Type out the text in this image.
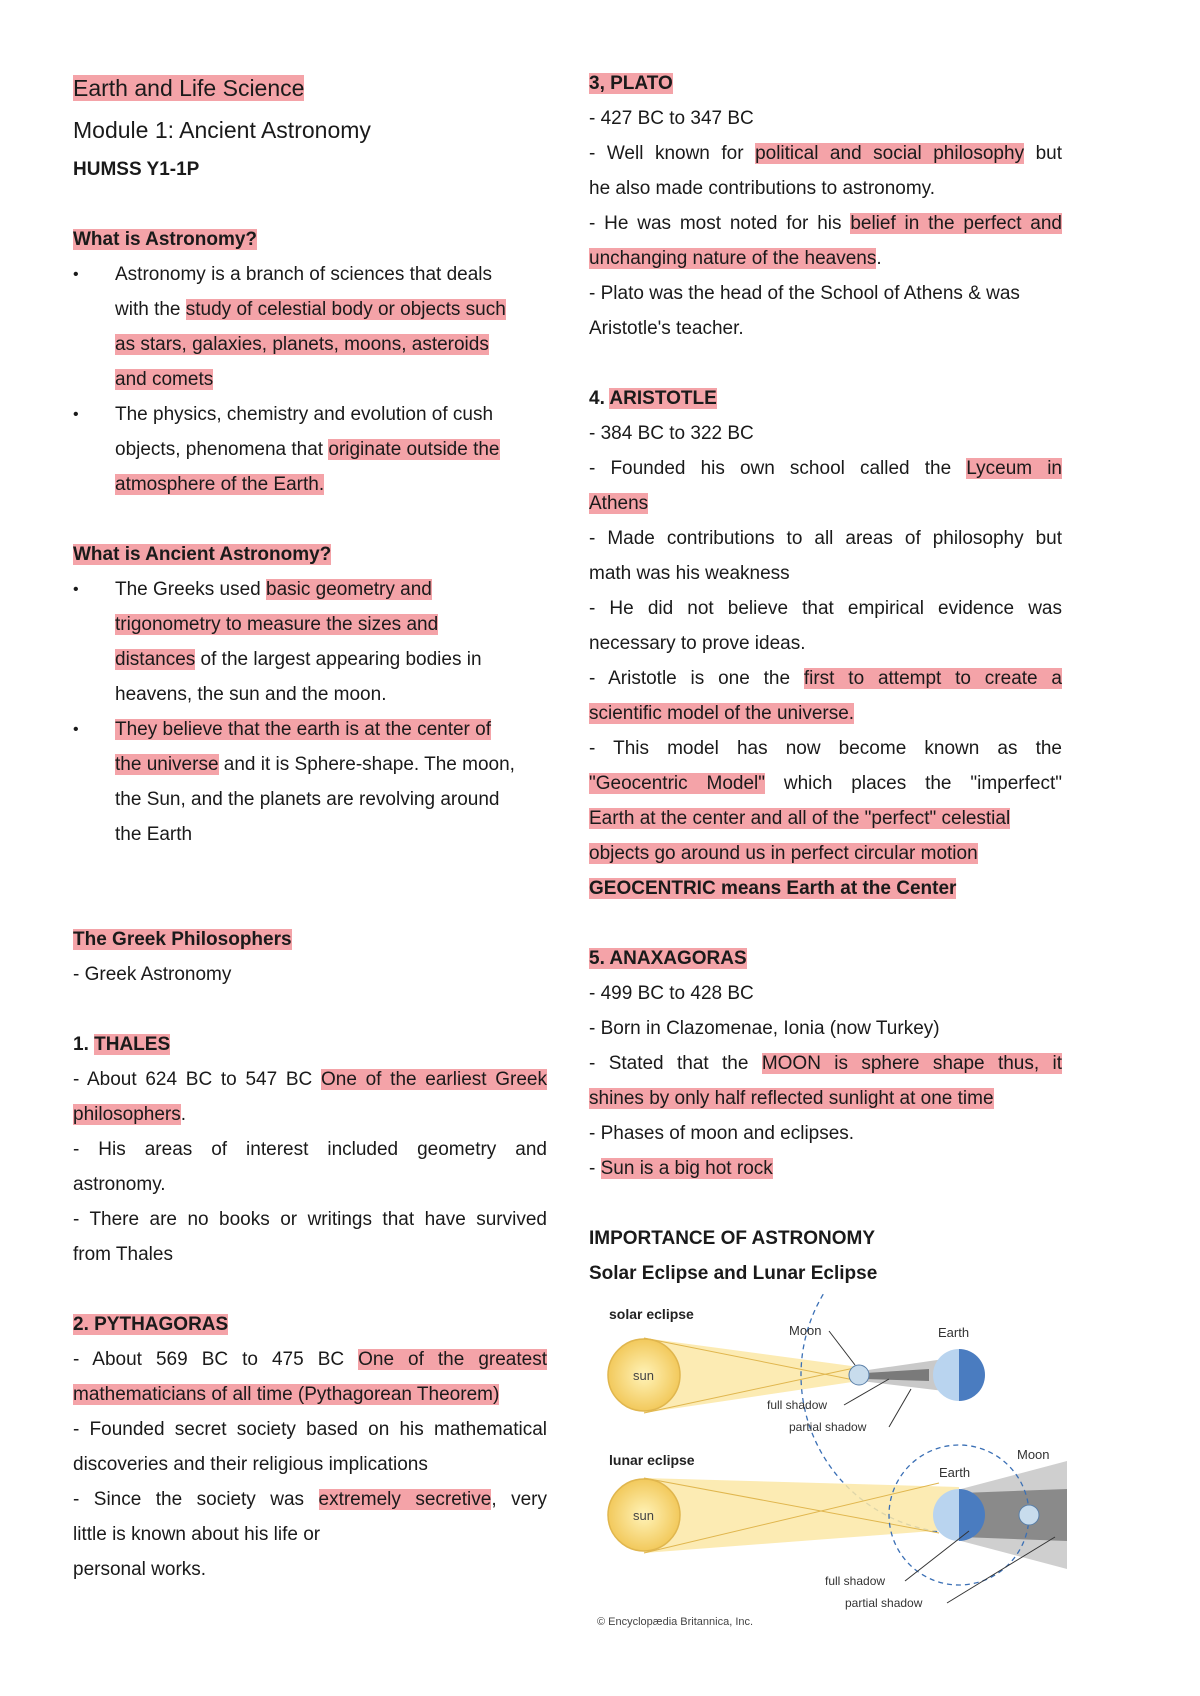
Earth and Life Science
Module 1: Ancient Astronomy
HUMSS Y1-1P
What is Astronomy?
• Astronomy is a branch of sciences that deals
with the study of celestial body or objects such
as stars, galaxies, planets, moons, asteroids
and comets
• The physics, chemistry and evolution of cush
objects, phenomena that originate outside the
atmosphere of the Earth.
What is Ancient Astronomy?
• The Greeks used basic geometry and
trigonometry to measure the sizes and
distances of the largest appearing bodies in
heavens, the sun and the moon.
• They believe that the earth is at the center of
the universe and it is Sphere-shape. The moon,
the Sun, and the planets are revolving around
the Earth
The Greek Philosophers
- Greek Astronomy
1. THALES
- About 624 BC to 547 BC One of the earliest Greek
philosophers.
- His areas of interest included geometry and
astronomy.
- There are no books or writings that have survived
from Thales
2. PYTHAGORAS
- About 569 BC to 475 BC One of the greatest
mathematicians of all time (Pythagorean Theorem)
- Founded secret society based on his mathematical
discoveries and their religious implications
- Since the society was extremely secretive, very
little is known about his life or
personal works.
3, PLATO
- 427 BC to 347 BC
- Well known for political and social philosophy but
he also made contributions to astronomy.
- He was most noted for his belief in the perfect and
unchanging nature of the heavens.
- Plato was the head of the School of Athens & was
Aristotle's teacher.
4. ARISTOTLE
- 384 BC to 322 BC
- Founded his own school called the Lyceum in
Athens
- Made contributions to all areas of philosophy but
math was his weakness
- He did not believe that empirical evidence was
necessary to prove ideas.
- Aristotle is one the first to attempt to create a
scientific model of the universe.
- This model has now become known as the
"Geocentric Model" which places the "imperfect"
Earth at the center and all of the "perfect" celestial
objects go around us in perfect circular motion
GEOCENTRIC means Earth at the Center
5. ANAXAGORAS
- 499 BC to 428 BC
- Born in Clazomenae, Ionia (now Turkey)
- Stated that the MOON is sphere shape thus, it
shines by only half reflected sunlight at one time
- Phases of moon and eclipses.
- Sun is a big hot rock
IMPORTANCE OF ASTRONOMY
Solar Eclipse and Lunar Eclipse
solar eclipse
sun
Moon	Earth
full shadow
partial shadow
lunar eclipse
sun
Earth
Moon
full shadow
partial shadow
© Encyclopædia Britannica, Inc.
